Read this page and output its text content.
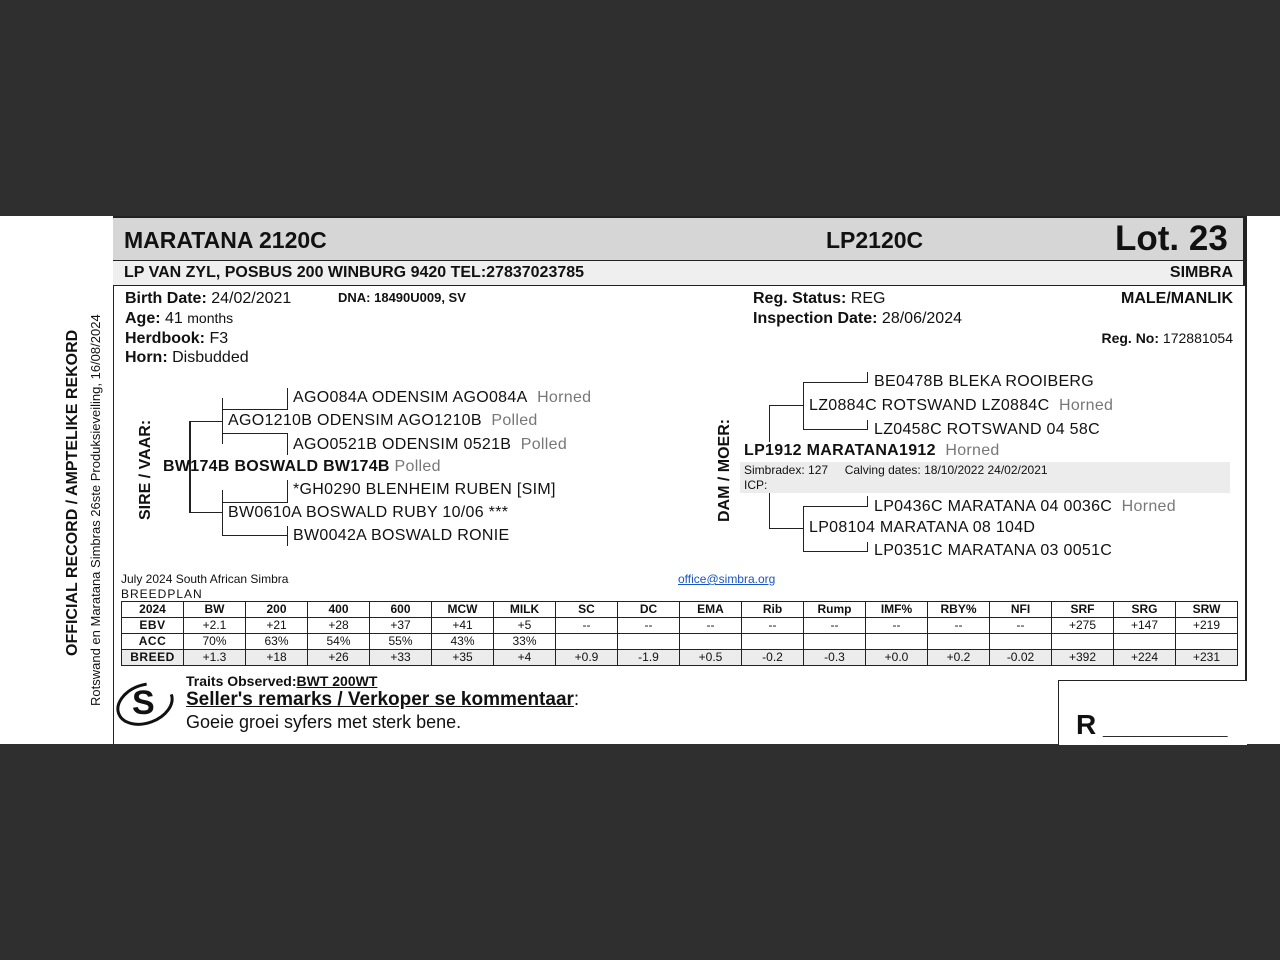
OFFICIAL RECORD / AMPTELIKE REKORD Rotswand en Maratana Simbras 26ste Produksieveiling, 16/08/2024
MARATANA 2120C	LP2120C	Lot. 23
LP VAN ZYL, POSBUS 200 WINBURG 9420 TEL:27837023785	SIMBRA
Birth Date: 24/02/2021	DNA: 18490U009, SV
Age: 41 months
Herdbook: F3
Horn: Disbudded
Reg. Status: REG
Inspection Date: 28/06/2024
MALE/MANLIK
Reg. No: 172881054
SIRE / VAAR:
AGO084A ODENSIM AGO084A Horned
AGO1210B ODENSIM AGO1210B Polled
AGO0521B ODENSIM 0521B Polled
BW174B BOSWALD BW174B Polled
*GH0290 BLENHEIM RUBEN [SIM]
BW0610A BOSWALD RUBY 10/06 ***
BW0042A BOSWALD RONIE
DAM / MOER:
BE0478B BLEKA ROOIBERG
LZ0884C ROTSWAND LZ0884C Horned
LZ0458C ROTSWAND 04 58C
LP1912 MARATANA1912 Horned
Simbradex: 127 Calving dates: 18/10/2022 24/02/2021
ICP:
LP0436C MARATANA 04 0036C Horned
LP08104 MARATANA 08 104D
LP0351C MARATANA 03 0051C
July 2024 South African Simbra
BREEDPLAN
office@simbra.org
2024	BW	200	400	600	MCW	MILK	SC	DC	EMA	Rib	Rump	IMF%	RBY%	NFI	SRF	SRG	SRW
EBV	+2.1	+21	+28	+37	+41	+5	--	--	--	--	--	--	--	--	+275	+147	+219
ACC	70%	63%	54%	55%	43%	33%											
BREED	+1.3	+18	+26	+33	+35	+4	+0.9	-1.9	+0.5	-0.2	-0.3	+0.0	+0.2	-0.02	+392	+224	+231
S
Traits Observed:BWT 200WT
Seller's remarks / Verkoper se kommentaar:
Goeie groei syfers met sterk bene.	R ________________
